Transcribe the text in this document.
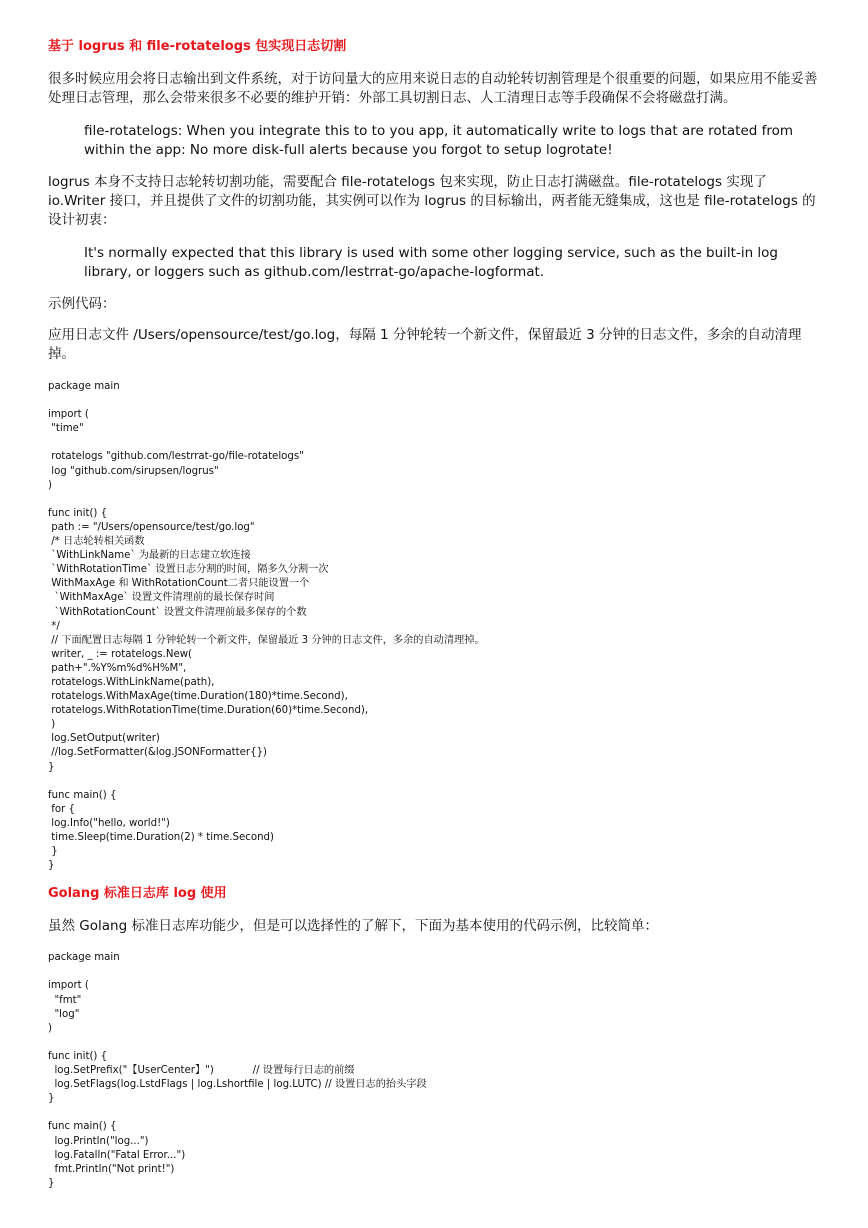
基于 logrus 和 file-rotatelogs 包实现日志切割

很多时候应用会将日志输出到文件系统，对于访问量大的应用来说日志的自动轮转切割管理是个很重要的问题，如果应用不能妥善处理日志管理，那么会带来很多不必要的维护开销：外部工具切割日志、人工清理日志等手段确保不会将磁盘打满。

file-rotatelogs: When you integrate this to to you app, it automatically write to logs that are rotated from within the app: No more disk-full alerts because you forgot to setup logrotate!

logrus 本身不支持日志轮转切割功能，需要配合 file-rotatelogs 包来实现，防止日志打满磁盘。file-rotatelogs 实现了 io.Writer 接口，并且提供了文件的切割功能，其实例可以作为 logrus 的目标输出，两者能无缝集成，这也是 file-rotatelogs 的设计初衷：

It's normally expected that this library is used with some other logging service, such as the built-in log library, or loggers such as github.com/lestrrat-go/apache-logformat.

示例代码：

应用日志文件 /Users/opensource/test/go.log，每隔 1 分钟轮转一个新文件，保留最近 3 分钟的日志文件，多余的自动清理掉。

package main
import (
"time"
rotatelogs "github.com/lestrrat-go/file-rotatelogs"
log "github.com/sirupsen/logrus"
)
func init() {
path := "/Users/opensource/test/go.log"
/* 日志轮转相关函数
`WithLinkName` 为最新的日志建立软连接
`WithRotationTime` 设置日志分割的时间，隔多久分割一次
WithMaxAge 和 WithRotationCount二者只能设置一个
`WithMaxAge` 设置文件清理前的最长保存时间
`WithRotationCount` 设置文件清理前最多保存的个数
*/
// 下面配置日志每隔 1 分钟轮转一个新文件，保留最近 3 分钟的日志文件，多余的自动清理掉。
writer, _ := rotatelogs.New(
path+".%Y%m%d%H%M",
rotatelogs.WithLinkName(path),
rotatelogs.WithMaxAge(time.Duration(180)*time.Second),
rotatelogs.WithRotationTime(time.Duration(60)*time.Second),
)
log.SetOutput(writer)
//log.SetFormatter(&log.JSONFormatter{})
}
func main() {
for {
log.Info("hello, world!")
time.Sleep(time.Duration(2) * time.Second)
}
}
Golang 标准日志库 log 使用

虽然 Golang 标准日志库功能少，但是可以选择性的了解下，下面为基本使用的代码示例，比较简单：

package main
import (
"fmt"
"log"
)
func init() {
log.SetPrefix("【UserCenter】")            // 设置每行日志的前缀
log.SetFlags(log.LstdFlags | log.Lshortfile | log.LUTC) // 设置日志的抬头字段
}
func main() {
log.Println("log...")
log.Fatalln("Fatal Error...")
fmt.Println("Not print!")
}
